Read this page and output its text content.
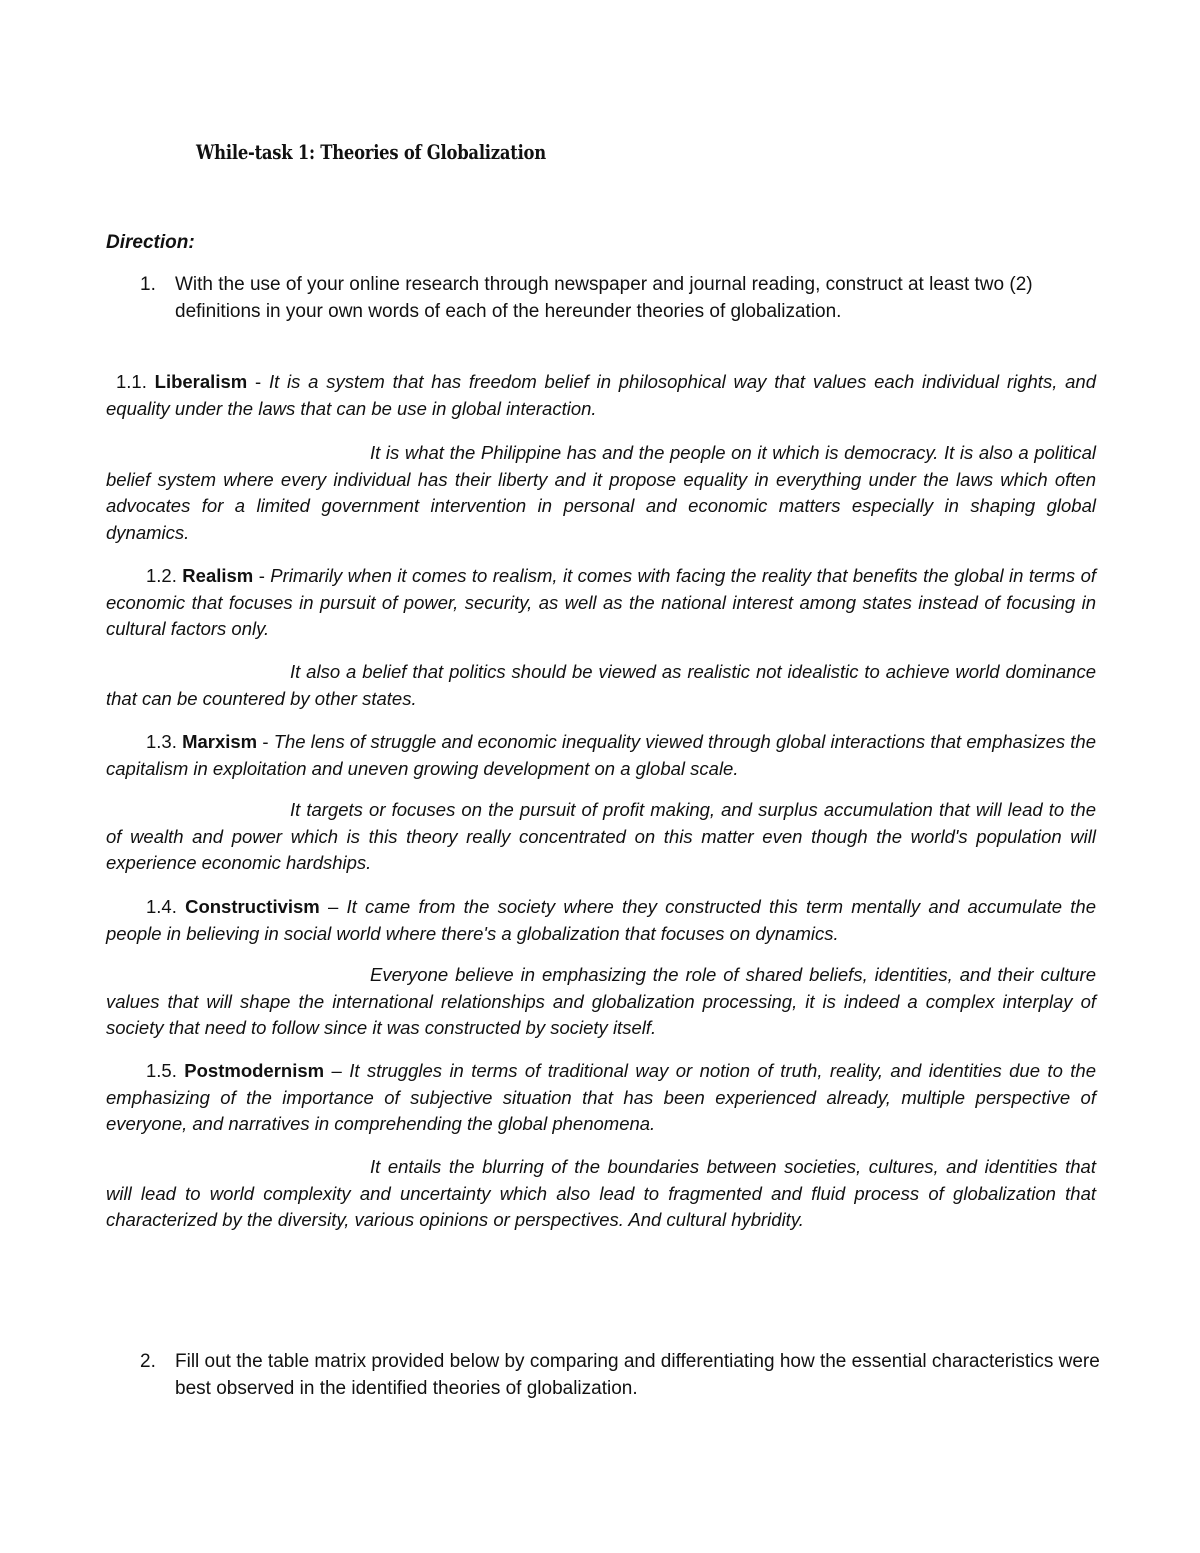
While-task 1: Theories of Globalization
Direction:
1. With the use of your online research through newspaper and journal reading, construct at least two (2) definitions in your own words of each of the hereunder theories of globalization.
1.1. Liberalism - It is a system that has freedom belief in philosophical way that values each individual rights, and equality under the laws that can be use in global interaction.
It is what the Philippine has and the people on it which is democracy. It is also a political belief system where every individual has their liberty and it propose equality in everything under the laws which often advocates for a limited government intervention in personal and economic matters especially in shaping global dynamics.
1.2. Realism - Primarily when it comes to realism, it comes with facing the reality that benefits the global in terms of economic that focuses in pursuit of power, security, as well as the national interest among states instead of focusing in cultural factors only.
It also a belief that politics should be viewed as realistic not idealistic to achieve world dominance that can be countered by other states.
1.3. Marxism - The lens of struggle and economic inequality viewed through global interactions that emphasizes the capitalism in exploitation and uneven growing development on a global scale.
It targets or focuses on the pursuit of profit making, and surplus accumulation that will lead to the of wealth and power which is this theory really concentrated on this matter even though the world's population will experience economic hardships.
1.4. Constructivism – It came from the society where they constructed this term mentally and accumulate the people in believing in social world where there's a globalization that focuses on dynamics.
Everyone believe in emphasizing the role of shared beliefs, identities, and their culture values that will shape the international relationships and globalization processing, it is indeed a complex interplay of society that need to follow since it was constructed by society itself.
1.5. Postmodernism – It struggles in terms of traditional way or notion of truth, reality, and identities due to the emphasizing of the importance of subjective situation that has been experienced already, multiple perspective of everyone, and narratives in comprehending the global phenomena.
It entails the blurring of the boundaries between societies, cultures, and identities that will lead to world complexity and uncertainty which also lead to fragmented and fluid process of globalization that characterized by the diversity, various opinions or perspectives. And cultural hybridity.
2. Fill out the table matrix provided below by comparing and differentiating how the essential characteristics were best observed in the identified theories of globalization.
